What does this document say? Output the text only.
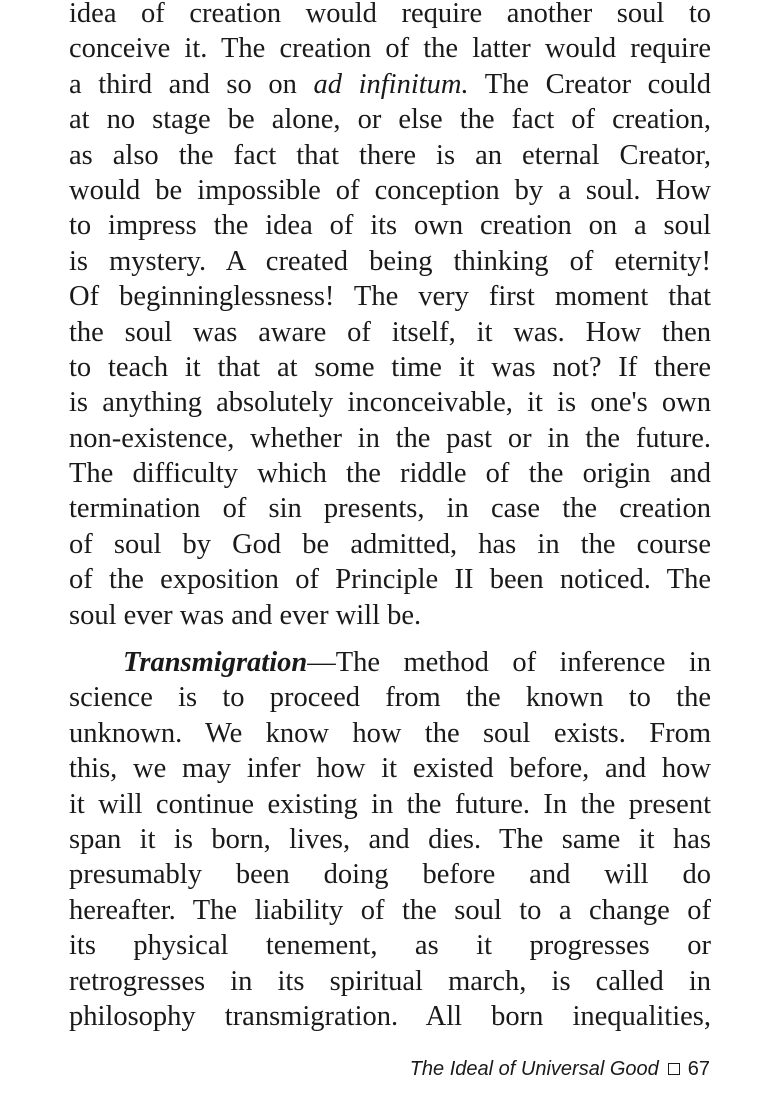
idea of creation would require another soul to
conceive it. The creation of the latter would require
a third and so on ad infinitum. The Creator could
at no stage be alone, or else the fact of creation,
as also the fact that there is an eternal Creator,
would be impossible of conception by a soul. How
to impress the idea of its own creation on a soul
is mystery. A created being thinking of eternity!
Of beginninglessness! The very first moment that
the soul was aware of itself, it was. How then
to teach it that at some time it was not? If there
is anything absolutely inconceivable, it is one's own
non-existence, whether in the past or in the future.
The difficulty which the riddle of the origin and
termination of sin presents, in case the creation
of soul by God be admitted, has in the course
of the exposition of Principle II been noticed. The
soul ever was and ever will be.
Transmigration—The method of inference in
science is to proceed from the known to the
unknown. We know how the soul exists. From
this, we may infer how it existed before, and how
it will continue existing in the future. In the present
span it is born, lives, and dies. The same it has
presumably been doing before and will do
hereafter. The liability of the soul to a change of
its physical tenement, as it progresses or
retrogresses in its spiritual march, is called in
philosophy transmigration. All born inequalities,
The Ideal of Universal Good 67
